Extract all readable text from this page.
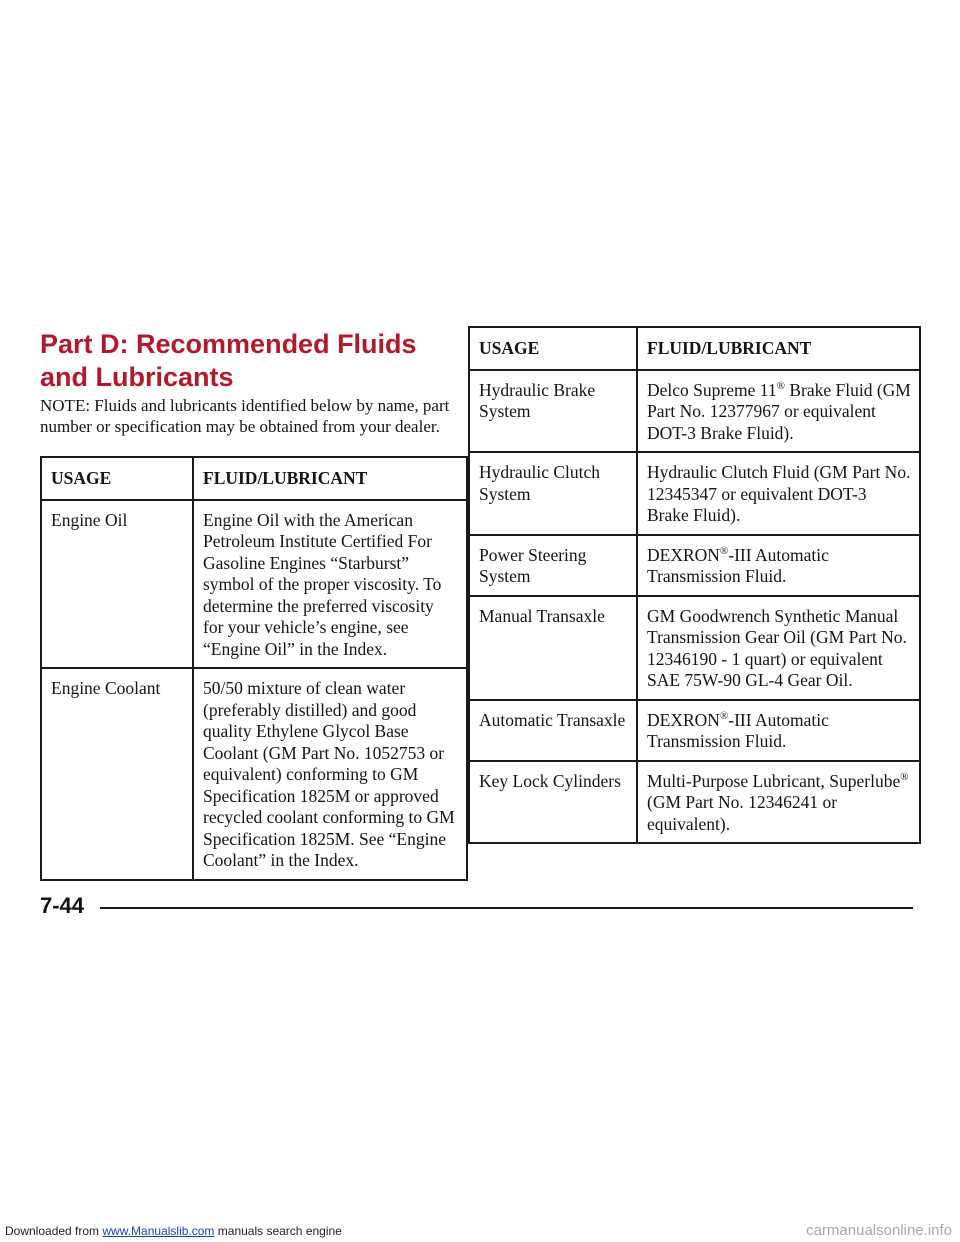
Part D: Recommended Fluids
and Lubricants

NOTE: Fluids and lubricants identified below by name, part number or specification may be obtained from your dealer.

USAGE	FLUID/LUBRICANT
Engine Oil	Engine Oil with the American Petroleum Institute Certified For Gasoline Engines “Starburst” symbol of the proper viscosity. To determine the preferred viscosity for your vehicle’s engine, see “Engine Oil” in the Index.
Engine Coolant	50/50 mixture of clean water (preferably distilled) and good quality Ethylene Glycol Base Coolant (GM Part No. 1052753 or equivalent) conforming to GM Specification 1825M or approved recycled coolant conforming to GM Specification 1825M. See “Engine Coolant” in the Index.
USAGE	FLUID/LUBRICANT
Hydraulic Brake System	Delco Supreme 11® Brake Fluid (GM Part No. 12377967 or equivalent DOT-3 Brake Fluid).
Hydraulic Clutch System	Hydraulic Clutch Fluid (GM Part No. 12345347 or equivalent DOT-3 Brake Fluid).
Power Steering System	DEXRON®-III Automatic Transmission Fluid.
Manual Transaxle	GM Goodwrench Synthetic Manual Transmission Gear Oil (GM Part No. 12346190 - 1 quart) or equivalent SAE 75W-90 GL-4 Gear Oil.
Automatic Transaxle	DEXRON®-III Automatic Transmission Fluid.
Key Lock Cylinders	Multi-Purpose Lubricant, Superlube® (GM Part No. 12346241 or equivalent).
7-44
Downloaded from www.Manualslib.com manuals search engine	carmanualsonline.info
